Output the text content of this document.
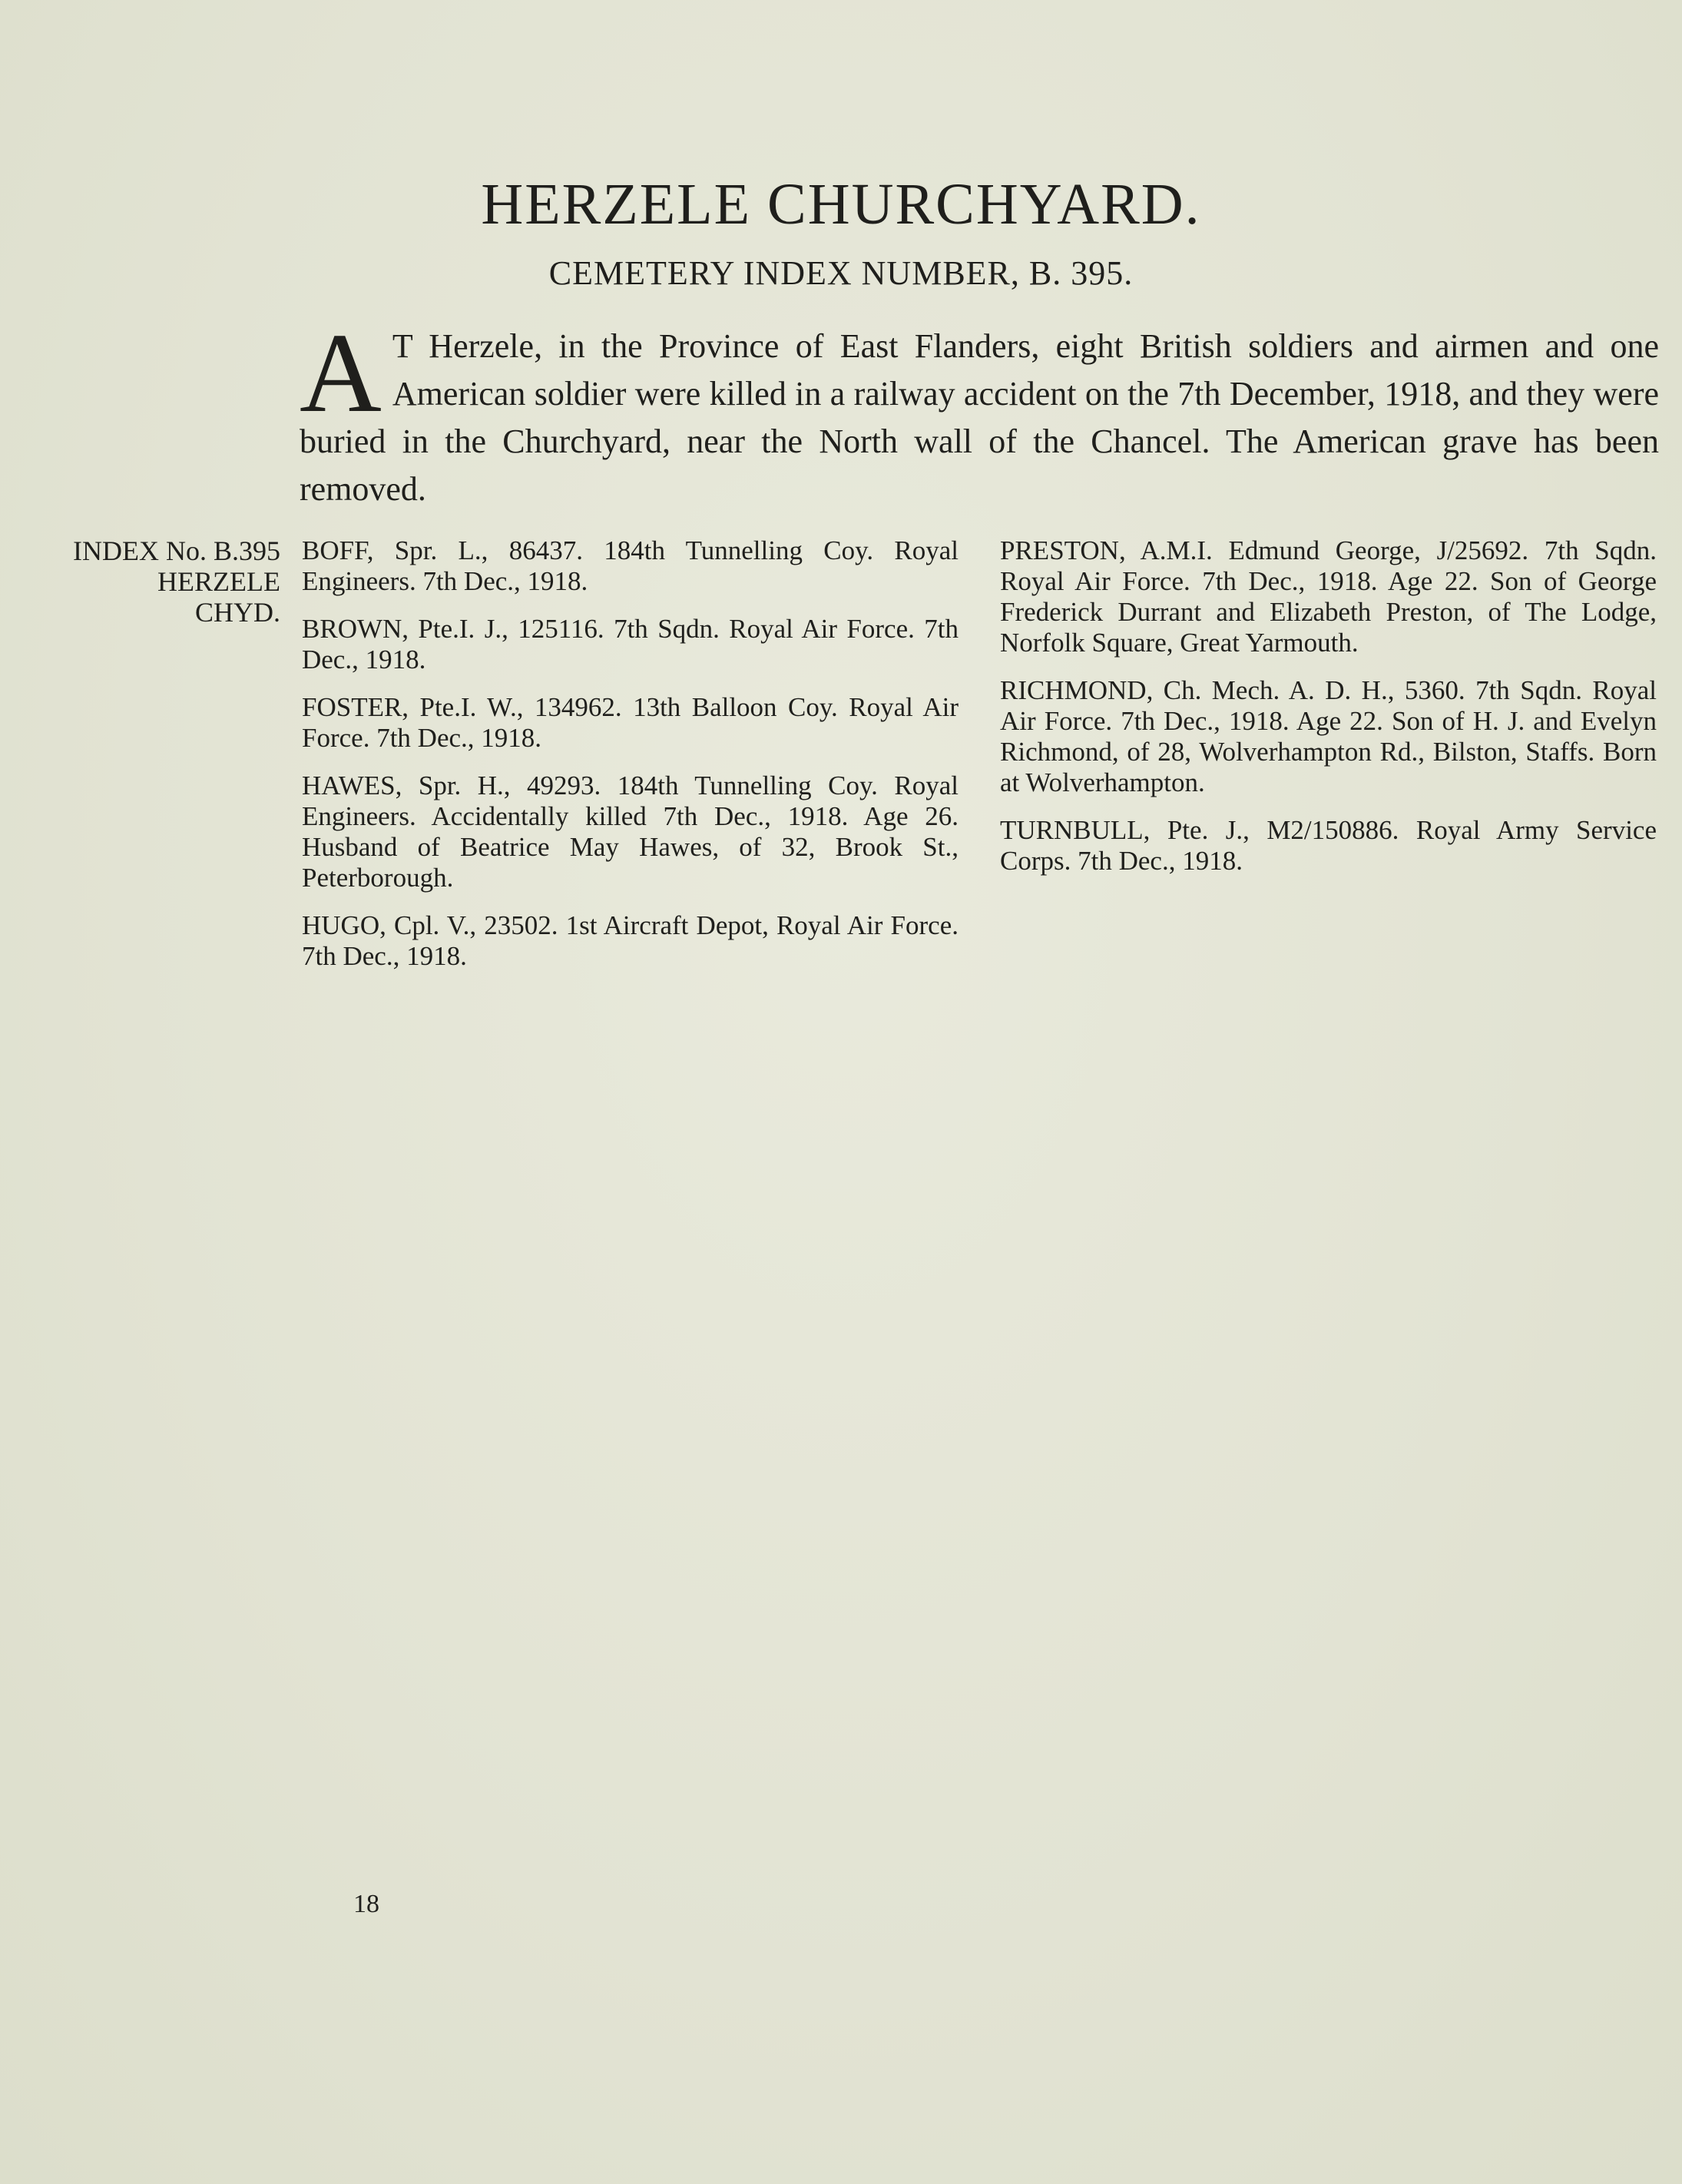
HERZELE CHURCHYARD.
CEMETERY INDEX NUMBER, B. 395.

A T Herzele, in the Province of East Flanders, eight British soldiers and airmen and one American soldier were killed in a railway accident on the 7th December, 1918, and they were buried in the Churchyard, near the North wall of the Chancel. The American grave has been removed.

INDEX No. B.395
HERZELE
CHYD.

BOFF, Spr. L., 86437. 184th Tunnelling Coy. Royal Engineers. 7th Dec., 1918.

BROWN, Pte.I. J., 125116. 7th Sqdn. Royal Air Force. 7th Dec., 1918.

FOSTER, Pte.I. W., 134962. 13th Balloon Coy. Royal Air Force. 7th Dec., 1918.

HAWES, Spr. H., 49293. 184th Tunnelling Coy. Royal Engineers. Accidentally killed 7th Dec., 1918. Age 26. Husband of Beatrice May Hawes, of 32, Brook St., Peterborough.

HUGO, Cpl. V., 23502. 1st Aircraft Depot, Royal Air Force. 7th Dec., 1918.

PRESTON, A.M.I. Edmund George, J/25692. 7th Sqdn. Royal Air Force. 7th Dec., 1918. Age 22. Son of George Frederick Durrant and Elizabeth Preston, of The Lodge, Norfolk Square, Great Yarmouth.

RICHMOND, Ch. Mech. A. D. H., 5360. 7th Sqdn. Royal Air Force. 7th Dec., 1918. Age 22. Son of H. J. and Evelyn Richmond, of 28, Wolverhampton Rd., Bilston, Staffs. Born at Wolverhampton.

TURNBULL, Pte. J., M2/150886. Royal Army Service Corps. 7th Dec., 1918.

18
